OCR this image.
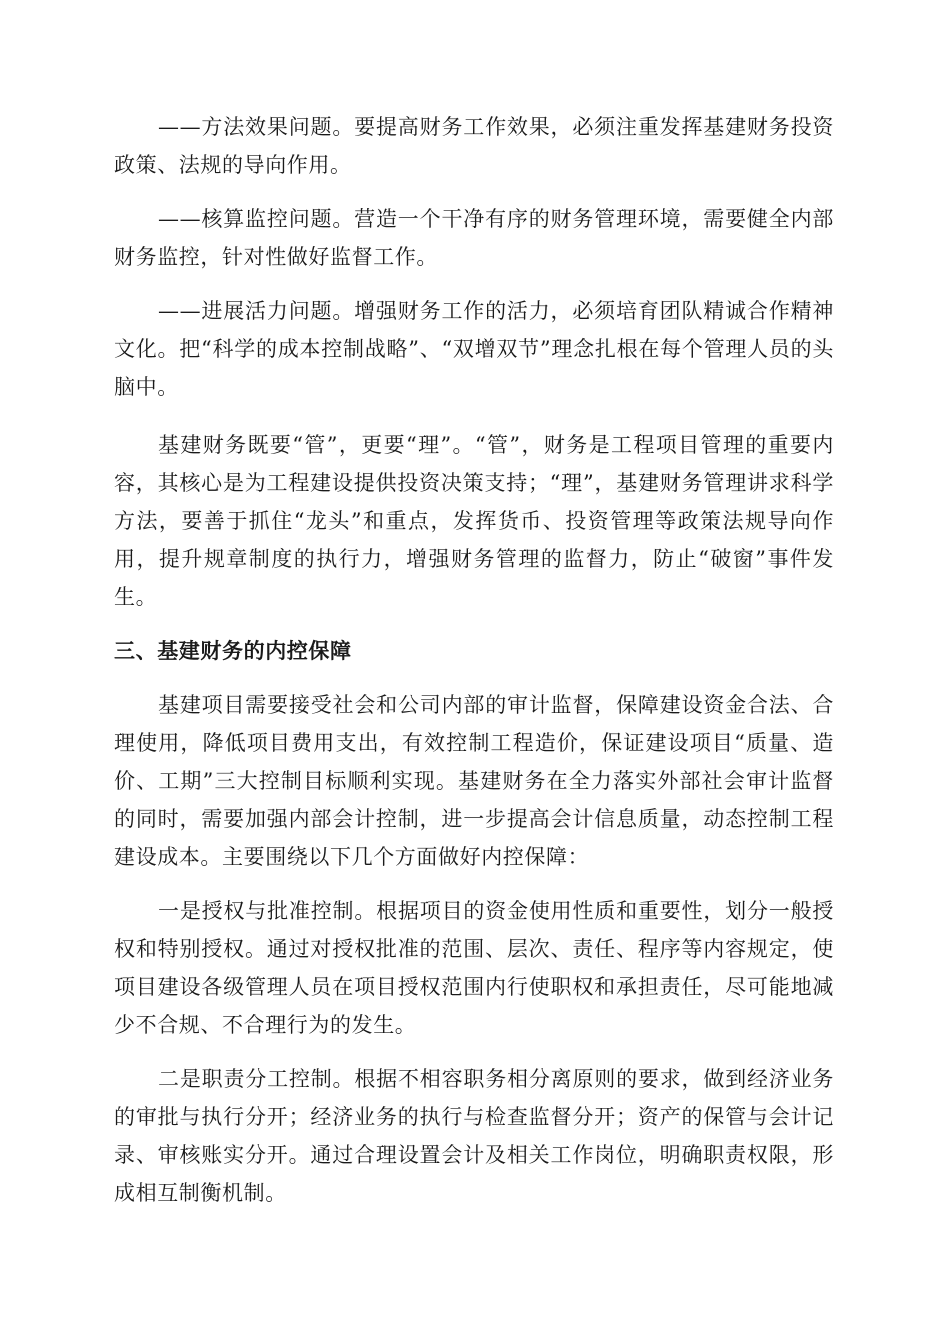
——方法效果问题。要提高财务工作效果，必须注重发挥基建财务投资政策、法规的导向作用。

——核算监控问题。营造一个干净有序的财务管理环境，需要健全内部财务监控，针对性做好监督工作。

——进展活力问题。增强财务工作的活力，必须培育团队精诚合作精神文化。把“科学的成本控制战略”、“双增双节”理念扎根在每个管理人员的头脑中。

基建财务既要“管”，更要“理”。“管”，财务是工程项目管理的重要内容，其核心是为工程建设提供投资决策支持；“理”，基建财务管理讲求科学方法，要善于抓住“龙头”和重点，发挥货币、投资管理等政策法规导向作用，提升规章制度的执行力，增强财务管理的监督力，防止“破窗”事件发生。

三、基建财务的内控保障

基建项目需要接受社会和公司内部的审计监督，保障建设资金合法、合理使用，降低项目费用支出，有效控制工程造价，保证建设项目“质量、造价、工期”三大控制目标顺利实现。基建财务在全力落实外部社会审计监督的同时，需要加强内部会计控制，进一步提高会计信息质量，动态控制工程建设成本。主要围绕以下几个方面做好内控保障：

一是授权与批准控制。根据项目的资金使用性质和重要性，划分一般授权和特别授权。通过对授权批准的范围、层次、责任、程序等内容规定，使项目建设各级管理人员在项目授权范围内行使职权和承担责任，尽可能地减少不合规、不合理行为的发生。

二是职责分工控制。根据不相容职务相分离原则的要求，做到经济业务的审批与执行分开；经济业务的执行与检查监督分开；资产的保管与会计记录、审核账实分开。通过合理设置会计及相关工作岗位，明确职责权限，形成相互制衡机制。
